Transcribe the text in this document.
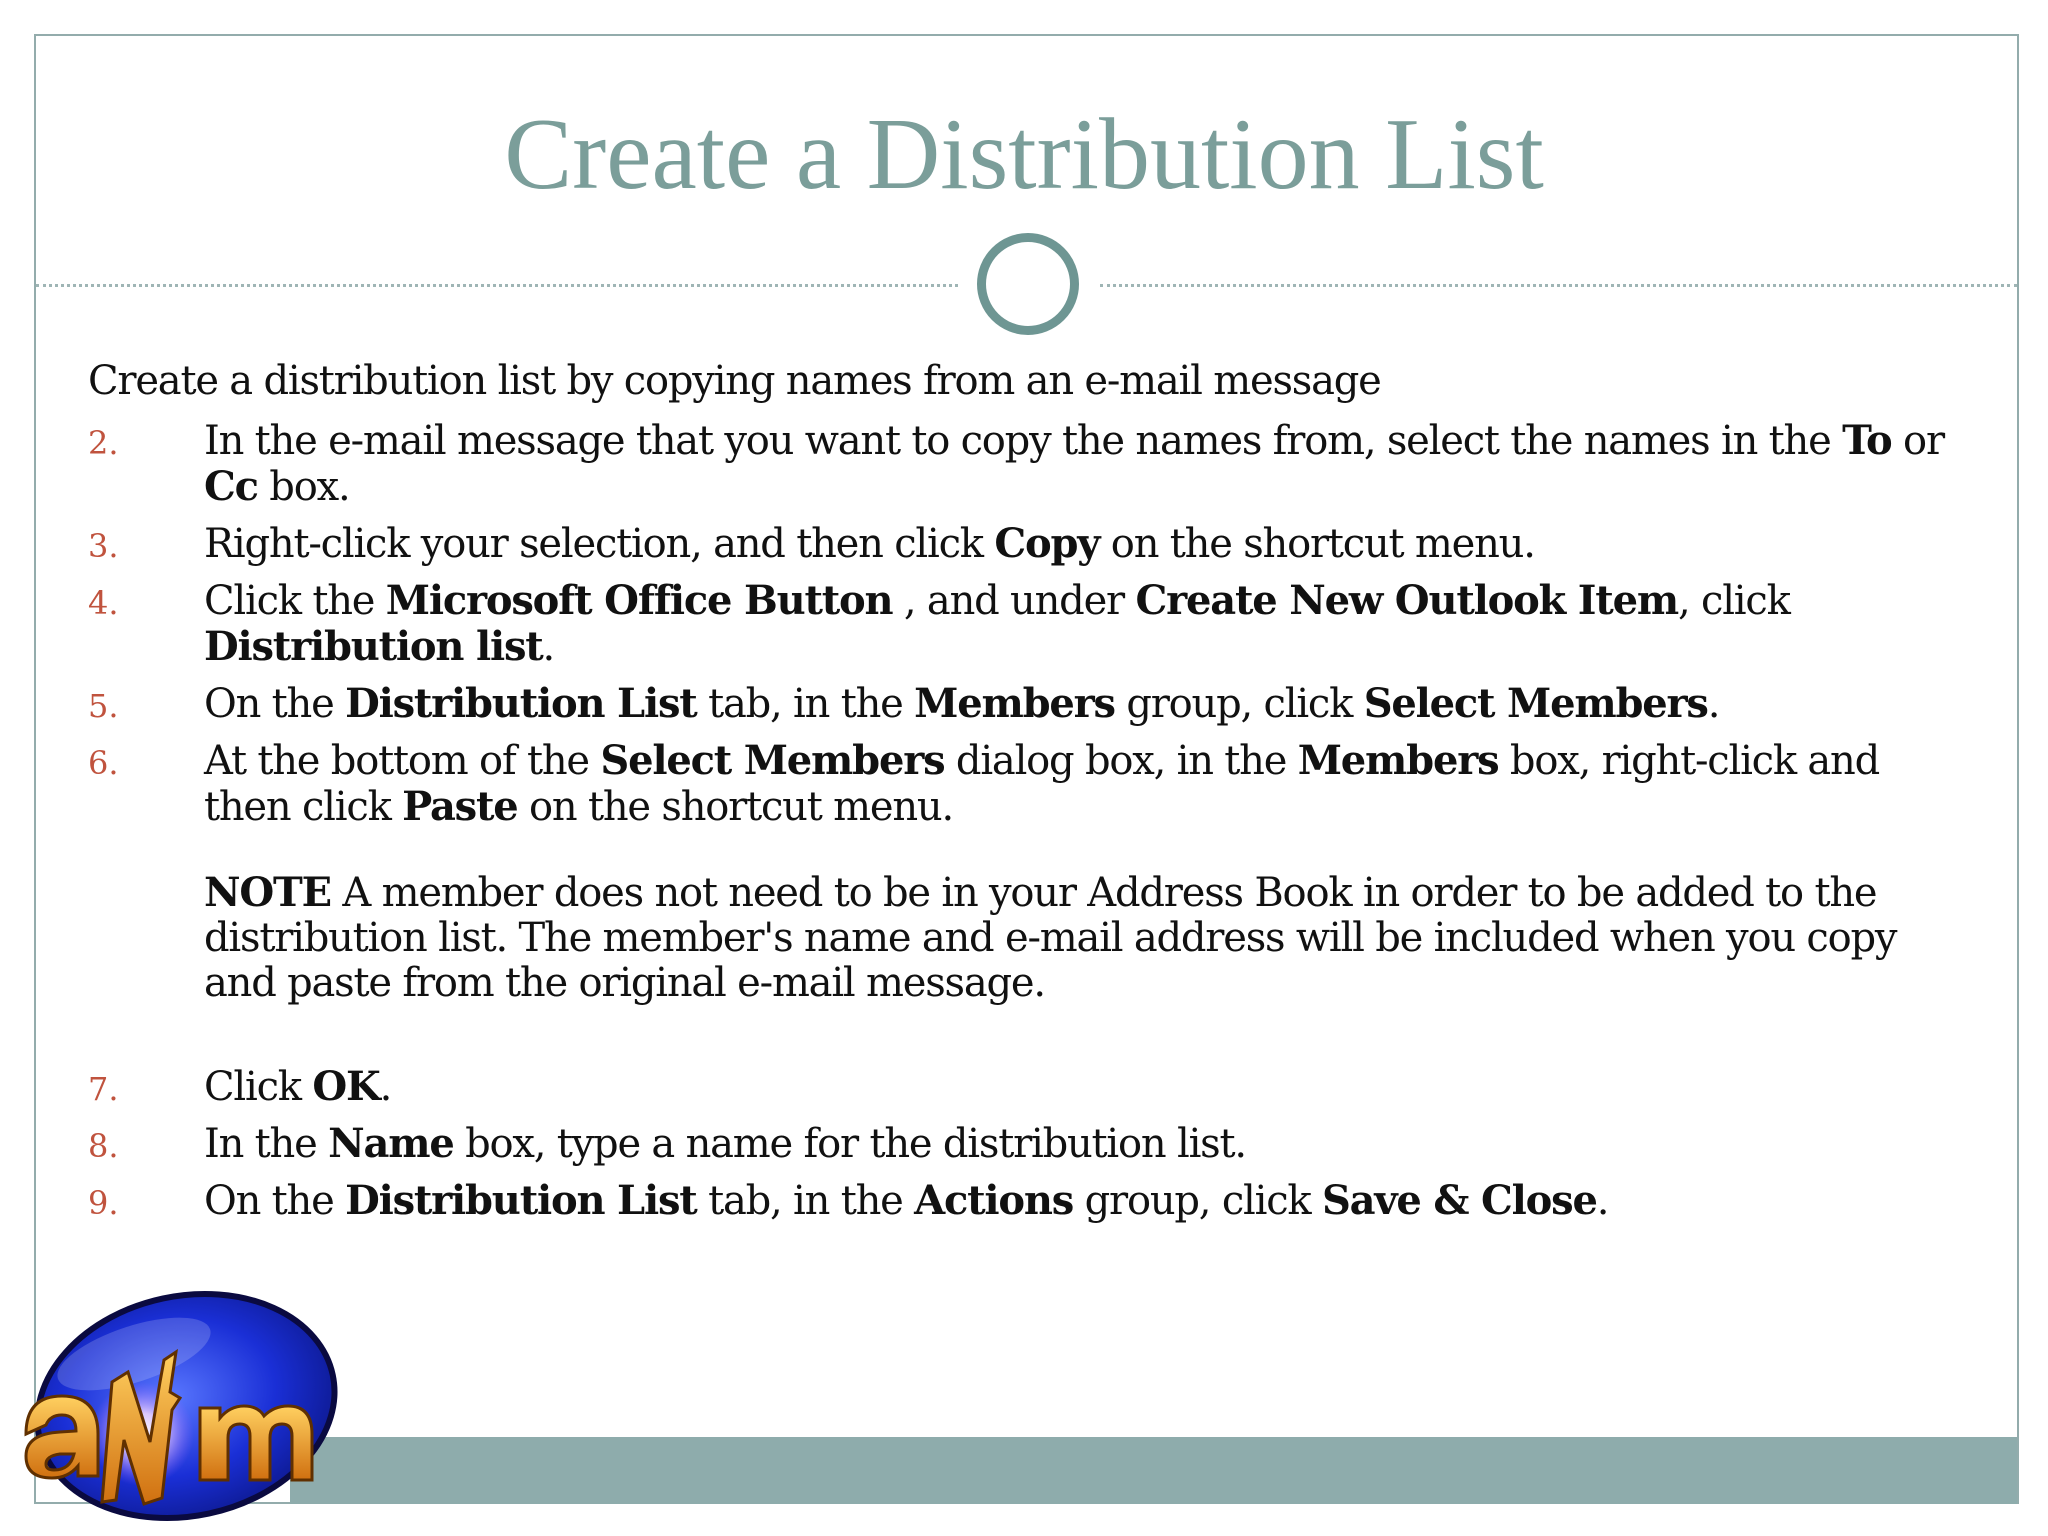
Create a Distribution List
Create a distribution list by copying names from an e-mail message
2. In the e-mail message that you want to copy the names from, select the names in the To or Cc box.
3. Right-click your selection, and then click Copy on the shortcut menu.
4. Click the Microsoft Office Button , and under Create New Outlook Item, click Distribution list.
5. On the Distribution List tab, in the Members group, click Select Members.
6. At the bottom of the Select Members dialog box, in the Members box, right-click and then click Paste on the shortcut menu.
NOTE A member does not need to be in your Address Book in order to be added to the distribution list. The member's name and e-mail address will be included when you copy and paste from the original e-mail message.
7. Click OK.
8. In the Name box, type a name for the distribution list.
9. On the Distribution List tab, in the Actions group, click Save & Close.
